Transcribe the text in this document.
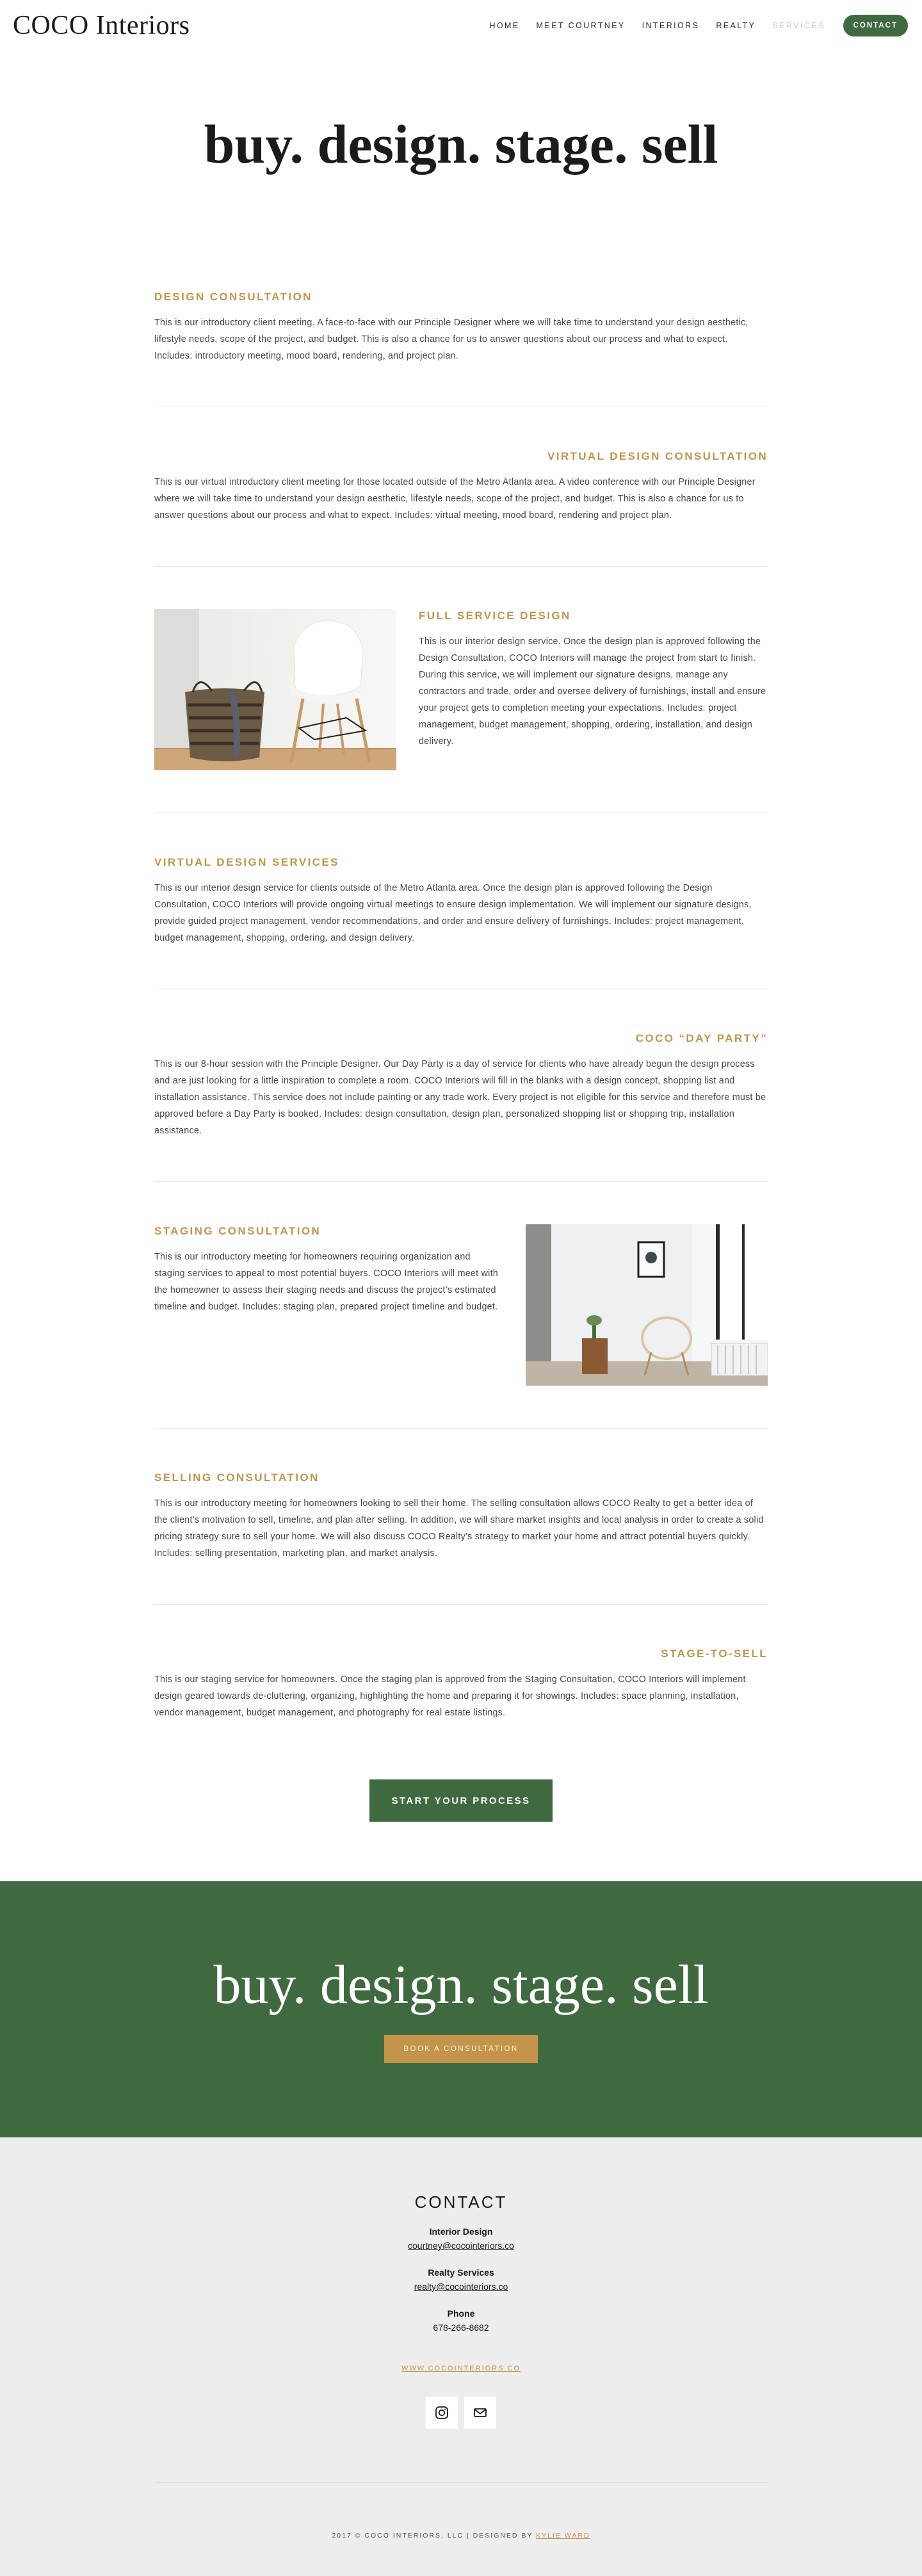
COCO Interiors	HOME MEET COURTNEY INTERIORS REALTY SERVICES	CONTACT
buy. design. stage. sell
DESIGN CONSULTATION

This is our introductory client meeting. A face-to-face with our Principle Designer where we will take time to understand your design aesthetic, lifestyle needs, scope of the project, and budget. This is also a chance for us to answer questions about our process and what to expect. Includes: introductory meeting, mood board, rendering, and project plan.

VIRTUAL DESIGN CONSULTATION

This is our virtual introductory client meeting for those located outside of the Metro Atlanta area. A video conference with our Principle Designer where we will take time to understand your design aesthetic, lifestyle needs, scope of the project, and budget. This is also a chance for us to answer questions about our process and what to expect. Includes: virtual meeting, mood board, rendering and project plan.

FULL SERVICE DESIGN

This is our interior design service. Once the design plan is approved following the Design Consultation, COCO Interiors will manage the project from start to finish. During this service, we will implement our signature designs, manage any contractors and trade, order and oversee delivery of furnishings, install and ensure your project gets to completion meeting your expectations. Includes: project management, budget management, shopping, ordering, installation, and design delivery.

VIRTUAL DESIGN SERVICES

This is our interior design service for clients outside of the Metro Atlanta area. Once the design plan is approved following the Design Consultation, COCO Interiors will provide ongoing virtual meetings to ensure design implementation. We will implement our signature designs, provide guided project management, vendor recommendations, and order and ensure delivery of furnishings. Includes: project management, budget management, shopping, ordering, and design delivery.

COCO “DAY PARTY”

This is our 8-hour session with the Principle Designer. Our Day Party is a day of service for clients who have already begun the design process and are just looking for a little inspiration to complete a room. COCO Interiors will fill in the blanks with a design concept, shopping list and installation assistance. This service does not include painting or any trade work. Every project is not eligible for this service and therefore must be approved before a Day Party is booked. Includes: design consultation, design plan, personalized shopping list or shopping trip, installation assistance.

STAGING CONSULTATION

This is our introductory meeting for homeowners requiring organization and staging services to appeal to most potential buyers. COCO Interiors will meet with the homeowner to assess their staging needs and discuss the project’s estimated timeline and budget. Includes: staging plan, prepared project timeline and budget.

SELLING CONSULTATION

This is our introductory meeting for homeowners looking to sell their home. The selling consultation allows COCO Realty to get a better idea of the client’s motivation to sell, timeline, and plan after selling. In addition, we will share market insights and local analysis in order to create a solid pricing strategy sure to sell your home. We will also discuss COCO Realty’s strategy to market your home and attract potential buyers quickly. Includes: selling presentation, marketing plan, and market analysis.

STAGE-TO-SELL

This is our staging service for homeowners. Once the staging plan is approved from the Staging Consultation, COCO Interiors will implement design geared towards de-cluttering, organizing, highlighting the home and preparing it for showings. Includes: space planning, installation, vendor management, budget management, and photography for real estate listings.

START YOUR PROCESS
buy. design. stage. sell
BOOK A CONSULTATION
CONTACT
Interior Design
courtney@cocointeriors.co
Realty Services
realty@cocointeriors.co
Phone
678-266-8682
WWW.COCOINTERIORS.CO
2017 © COCO INTERIORS, LLC | DESIGNED BY KYLIE WARD
